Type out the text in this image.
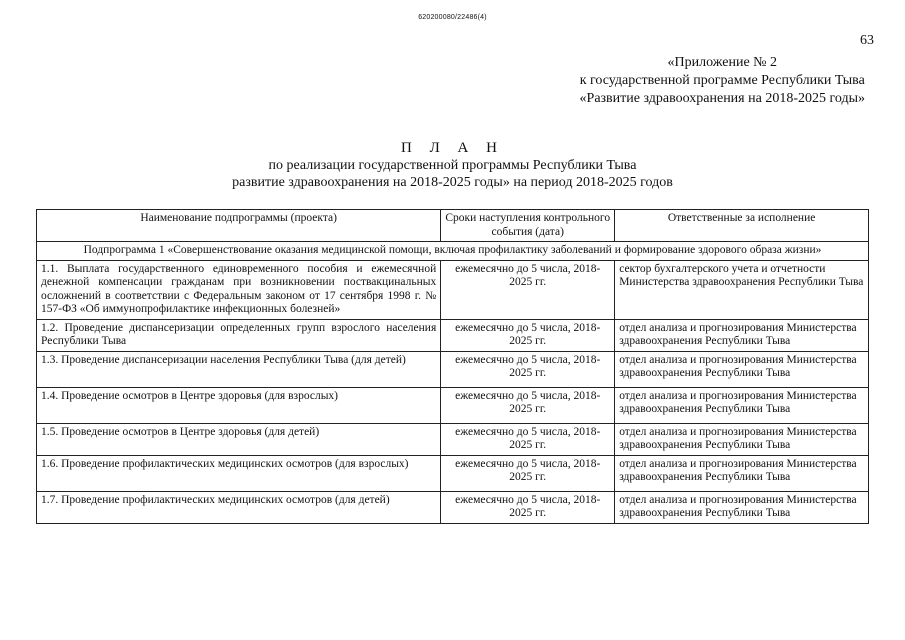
620200080/22486(4)
63
«Приложение № 2
к государственной программе Республики Тыва
«Развитие здравоохранения на 2018-2025 годы»
П Л А Н
по реализации государственной программы Республики Тыва
развитие здравоохранения на 2018-2025 годы» на период 2018-2025 годов
Наименование подпрограммы (проекта)	Сроки наступления контрольного события (дата)	Ответственные за исполнение
Подпрограмма 1 «Совершенствование оказания медицинской помощи, включая профилактику заболеваний и формирование здорового образа жизни»		
1.1. Выплата государственного единовременного пособия и ежемесячной денежной компенсации гражданам при возникновении поствакцинальных осложнений в соответствии с Федеральным законом от 17 сентября 1998 г. № 157-ФЗ «Об иммунопрофилактике инфекционных болезней»	ежемесячно до 5 числа, 2018-2025 гг.	сектор бухгалтерского учета и отчетности Министерства здравоохранения Республики Тыва
1.2. Проведение диспансеризации определенных групп взрослого населения Республики Тыва	ежемесячно до 5 числа, 2018-2025 гг.	отдел анализа и прогнозирования Министерства здравоохранения Республики Тыва
1.3. Проведение диспансеризации населения Республики Тыва (для детей)	ежемесячно до 5 числа, 2018-2025 гг.	отдел анализа и прогнозирования Министерства здравоохранения Республики Тыва
1.4. Проведение осмотров в Центре здоровья (для взрослых)	ежемесячно до 5 числа, 2018-2025 гг.	отдел анализа и прогнозирования Министерства здравоохранения Республики Тыва
1.5. Проведение осмотров в Центре здоровья (для детей)	ежемесячно до 5 числа, 2018-2025 гг.	отдел анализа и прогнозирования Министерства здравоохранения Республики Тыва
1.6. Проведение профилактических медицинских осмотров (для взрослых)	ежемесячно до 5 числа, 2018-2025 гг.	отдел анализа и прогнозирования Министерства здравоохранения Республики Тыва
1.7. Проведение профилактических медицинских осмотров (для детей)	ежемесячно до 5 числа, 2018-2025 гг.	отдел анализа и прогнозирования Министерства здравоохранения Республики Тыва
